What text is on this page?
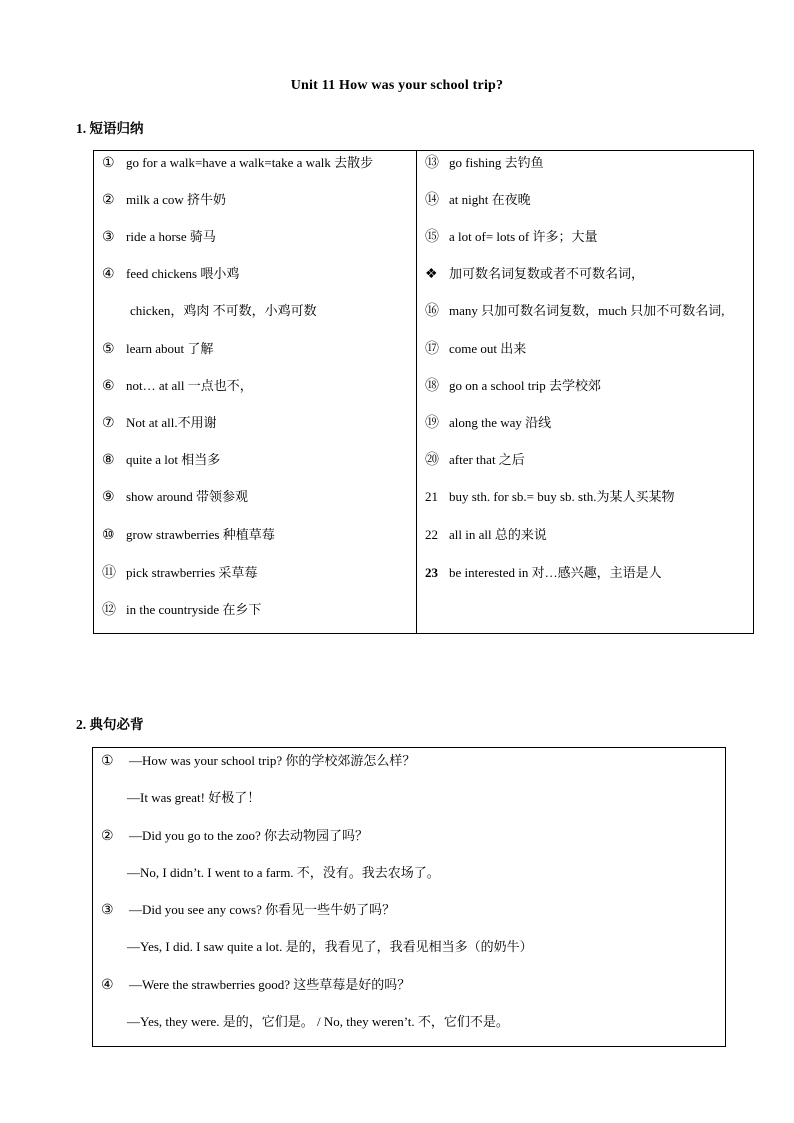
Unit 11 How was your school trip?
1. 短语归纳
① go for a walk=have a walk=take a walk 去散步
② milk a cow 挤牛奶
③ ride a horse 骑马
④ feed chickens 喂小鸡
chicken，鸡肉 不可数，小鸡可数
⑤ learn about 了解
⑥ not… at all 一点也不，
⑦ Not at all.不用谢
⑧ quite a lot 相当多
⑨ show around 带领参观
⑩ grow strawberries 种植草莓
⑪ pick strawberries 采草莓
⑫ in the countryside 在乡下
⑬ go fishing 去钓鱼
⑭ at night 在夜晚
⑮ a lot of= lots of 许多；大量
❖ 加可数名词复数或者不可数名词，
⑯ many 只加可数名词复数，much 只加不可数名词,
⑰ come out 出来
⑱ go on a school trip 去学校郊
⑲ along the way 沿线
⑳ after that 之后
21 buy sth. for sb.= buy sb. sth.为某人买某物
22 all in all 总的来说
23 be interested in 对…感兴趣，主语是人
2. 典句必背
① —How was your school trip? 你的学校郊游怎么样？
—It was great! 好极了！
② —Did you go to the zoo? 你去动物园了吗？
—No, I didn’t. I went to a farm. 不，没有。我去农场了。
③ —Did you see any cows? 你看见一些牛奶了吗？
—Yes, I did. I saw quite a lot. 是的，我看见了，我看见相当多（的奶牛）
④ —Were the strawberries good? 这些草莓是好的吗？
—Yes, they were. 是的，它们是。 / No, they weren’t. 不，它们不是。
